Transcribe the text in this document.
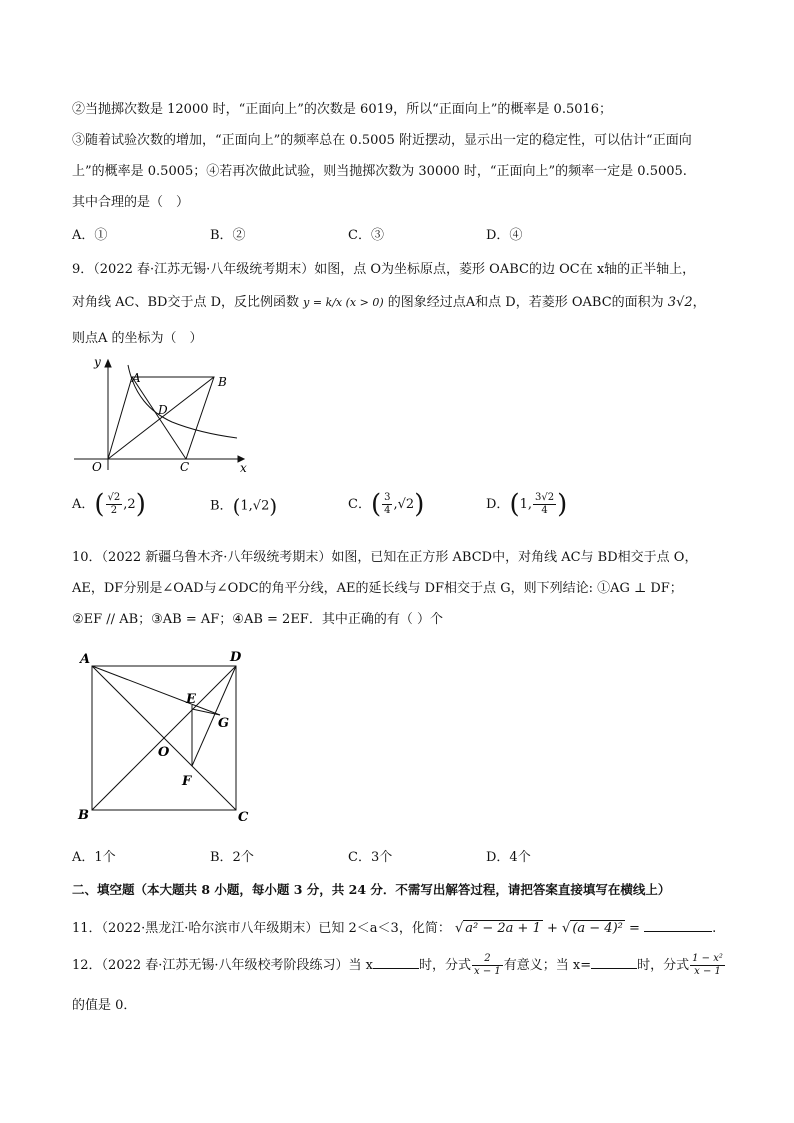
②当抛掷次数是 12000 时，“正面向上”的次数是 6019，所以“正面向上”的概率是 0.5016；
③随着试验次数的增加，“正面向上”的频率总在 0.5005 附近摆动，显示出一定的稳定性，可以估计“正面向
上”的概率是 0.5005；④若再次做此试验，则当抛掷次数为 30000 时，“正面向上”的频率一定是 0.5005.
其中合理的是（　）
A．①	B．②	C．③	D．④
9．（2022 春·江苏无锡·八年级统考期末）如图，点 O为坐标原点，菱形 OABC的边 OC在 x轴的正半轴上，
对角线 AC、BD交于点 D，反比例函数 y = k/x (x > 0) 的图象经过点A和点 D，若菱形 OABC的面积为 3√2，
则点A 的坐标为（　）
y
x
O
A	B
C
D
A．( $\frac{√2}{2} ,2$)	B．(1,√2)	C．( $\frac{3}{4} ,√2$)	D．(1, $\frac{3√2}{4}$ )
10．（2022 新疆乌鲁木齐·八年级统考期末）如图，已知在正方形 ABCD中，对角线 AC与 BD相交于点 O，
AE，DF分别是∠OAD与∠ODC的角平分线，AE的延长线与 DF相交于点 G，则下列结论: ①AG ⊥ DF；
②EF // AB；③AB = AF；④AB = 2EF．其中正确的有（ ）个
A	D
B	C
E
G
O
F
A．1个	B．2个	C．3个	D．4个
二、填空题（本大题共 8 小题，每小题 3 分，共 24 分．不需写出解答过程，请把答案直接填写在横线上）
11．（2022·黑龙江·哈尔滨市八年级期末）已知 2＜a＜3，化简： √ a² − 2a + 1 + √ (a − 4)² =	.
12．（2022 春·江苏无锡·八年级校考阶段练习）当 x	时，分式 $\frac{2}{x - 1}$ 有意义；当 x=	时，分式 $\frac{\text{1 − x²}}{x - 1}$
的值是 0．
